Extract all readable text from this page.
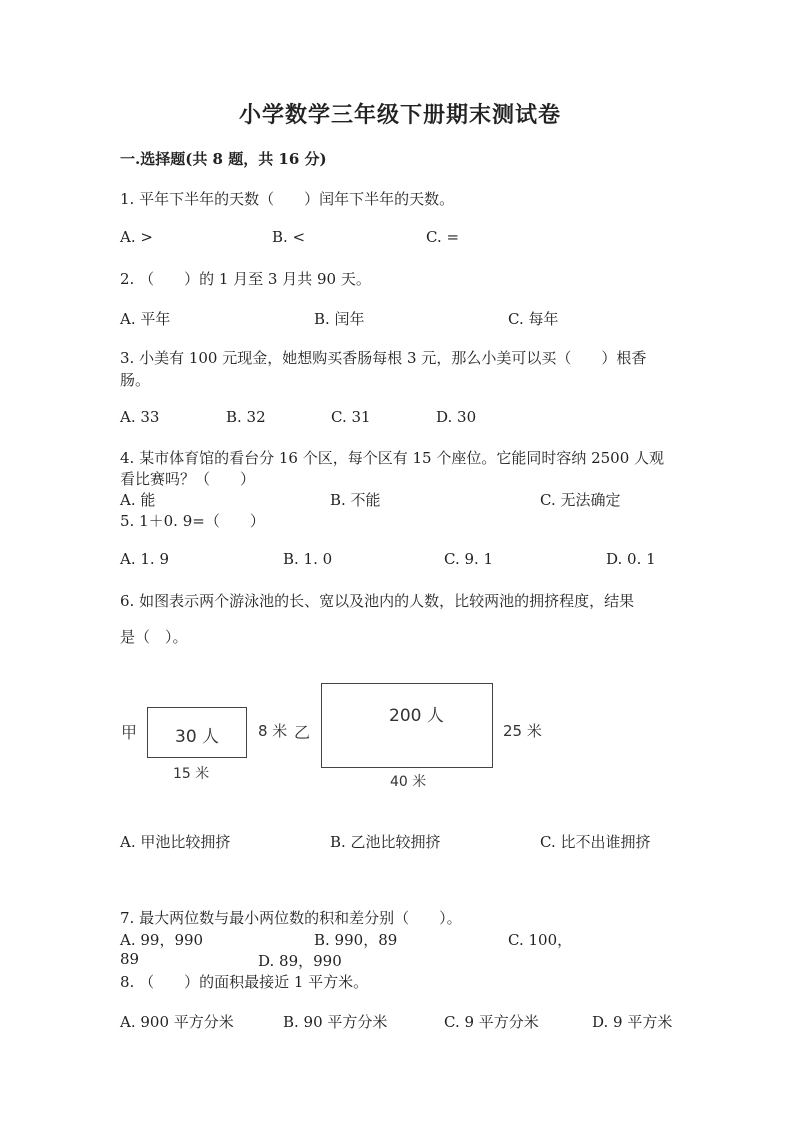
小学数学三年级下册期末测试卷
一.选择题(共 8 题，共 16 分)
1. 平年下半年的天数（　　）闰年下半年的天数。
A. >	B. <	C. =
2. （　　）的 1 月至 3 月共 90 天。
A. 平年	B. 闰年	C. 每年
3. 小美有 100 元现金，她想购买香肠每根 3 元，那么小美可以买（　　）根香
肠。
A. 33	B. 32	C. 31	D. 30
4. 某市体育馆的看台分 16 个区，每个区有 15 个座位。它能同时容纳 2500 人观
看比赛吗？（　　）
A. 能	B. 不能	C. 无法确定
5. 1＋0. 9=（　　）
A. 1. 9	B. 1. 0	C. 9. 1	D. 0. 1
6. 如图表示两个游泳池的长、宽以及池内的人数，比较两池的拥挤程度，结果
是（　）。
甲 30 人
15 米
8 米 乙
200 人
40 米
25 米
A. 甲池比较拥挤	B. 乙池比较拥挤	C. 比不出谁拥挤
7. 最大两位数与最小两位数的积和差分别（　　）。
A. 99，990	B. 990，89	C. 100，
89	D. 89，990
8. （　　）的面积最接近 1 平方米。
A. 900 平方分米	B. 90 平方分米	C. 9 平方分米	D. 9 平方米
